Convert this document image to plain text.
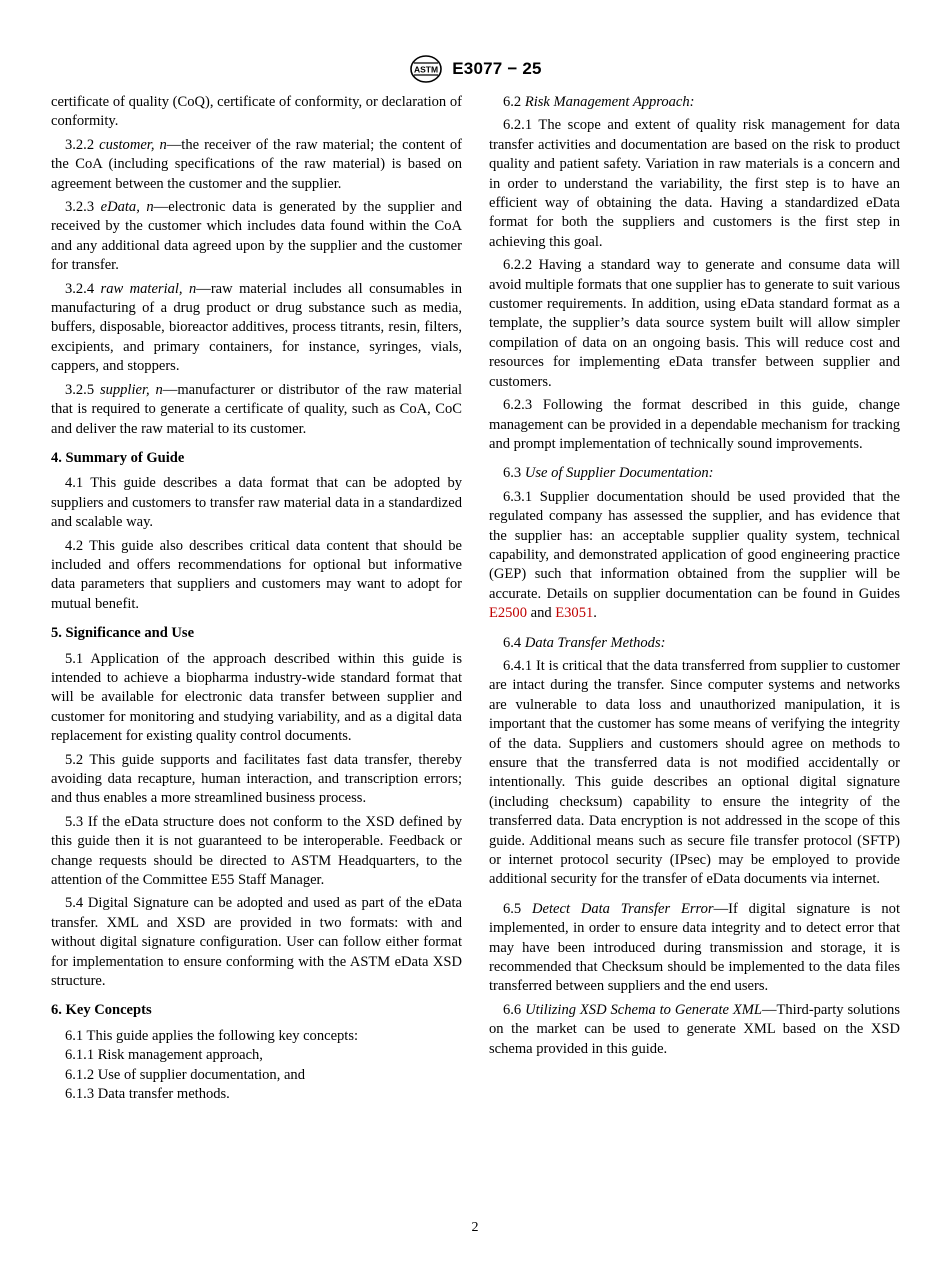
ASTM E3077 − 25

certificate of quality (CoQ), certificate of conformity, or declaration of conformity.

3.2.2 customer, n—the receiver of the raw material; the content of the CoA (including specifications of the raw material) is based on agreement between the customer and the supplier.

3.2.3 eData, n—electronic data is generated by the supplier and received by the customer which includes data found within the CoA and any additional data agreed upon by the supplier and the customer for transfer.

3.2.4 raw material, n—raw material includes all consumables in manufacturing of a drug product or drug substance such as media, buffers, disposable, bioreactor additives, process titrants, resin, filters, excipients, and primary containers, for instance, syringes, vials, cappers, and stoppers.

3.2.5 supplier, n—manufacturer or distributor of the raw material that is required to generate a certificate of quality, such as CoA, CoC and deliver the raw material to its customer.

4. Summary of Guide

4.1 This guide describes a data format that can be adopted by suppliers and customers to transfer raw material data in a standardized and scalable way.

4.2 This guide also describes critical data content that should be included and offers recommendations for optional but informative data parameters that suppliers and customers may want to adopt for mutual benefit.

5. Significance and Use

5.1 Application of the approach described within this guide is intended to achieve a biopharma industry-wide standard format that will be available for electronic data transfer between supplier and customer for monitoring and studying variability, and as a digital data replacement for existing quality control documents.

5.2 This guide supports and facilitates fast data transfer, thereby avoiding data recapture, human interaction, and transcription errors; and thus enables a more streamlined business process.

5.3 If the eData structure does not conform to the XSD defined by this guide then it is not guaranteed to be interoperable. Feedback or change requests should be directed to ASTM Headquarters, to the attention of the Committee E55 Staff Manager.

5.4 Digital Signature can be adopted and used as part of the eData transfer. XML and XSD are provided in two formats: with and without digital signature configuration. User can follow either format for implementation to ensure conforming with the ASTM eData XSD structure.

6. Key Concepts

6.1 This guide applies the following key concepts:

6.1.1 Risk management approach,

6.1.2 Use of supplier documentation, and

6.1.3 Data transfer methods.

6.2 Risk Management Approach:

6.2.1 The scope and extent of quality risk management for data transfer activities and documentation are based on the risk to product quality and patient safety. Variation in raw materials is a concern and in order to understand the variability, the first step is to have an efficient way of obtaining the data. Having a standardized eData format for both the suppliers and customers is the first step in achieving this goal.

6.2.2 Having a standard way to generate and consume data will avoid multiple formats that one supplier has to generate to suit various customer requirements. In addition, using eData standard format as a template, the supplier’s data source system built will allow simpler compilation of data on an ongoing basis. This will reduce cost and resources for implementing eData transfer between supplier and customers.

6.2.3 Following the format described in this guide, change management can be provided in a dependable mechanism for tracking and prompt implementation of technically sound improvements.

6.3 Use of Supplier Documentation:

6.3.1 Supplier documentation should be used provided that the regulated company has assessed the supplier, and has evidence that the supplier has: an acceptable supplier quality system, technical capability, and demonstrated application of good engineering practice (GEP) such that information obtained from the supplier will be accurate. Details on supplier documentation can be found in Guides E2500 and E3051.

6.4 Data Transfer Methods:

6.4.1 It is critical that the data transferred from supplier to customer are intact during the transfer. Since computer systems and networks are vulnerable to data loss and unauthorized manipulation, it is important that the customer has some means of verifying the integrity of the data. Suppliers and customers should agree on methods to ensure that the transferred data is not modified accidentally or intentionally. This guide describes an optional digital signature (including checksum) capability to ensure the integrity of the transferred data. Data encryption is not addressed in the scope of this guide. Additional means such as secure file transfer protocol (SFTP) or internet protocol security (IPsec) may be employed to provide additional security for the transfer of eData documents via internet.

6.5 Detect Data Transfer Error—If digital signature is not implemented, in order to ensure data integrity and to detect error that may have been introduced during transmission and storage, it is recommended that Checksum should be implemented to the data files transferred between suppliers and the end users.

6.6 Utilizing XSD Schema to Generate XML—Third-party solutions on the market can be used to generate XML based on the XSD schema provided in this guide.

2
